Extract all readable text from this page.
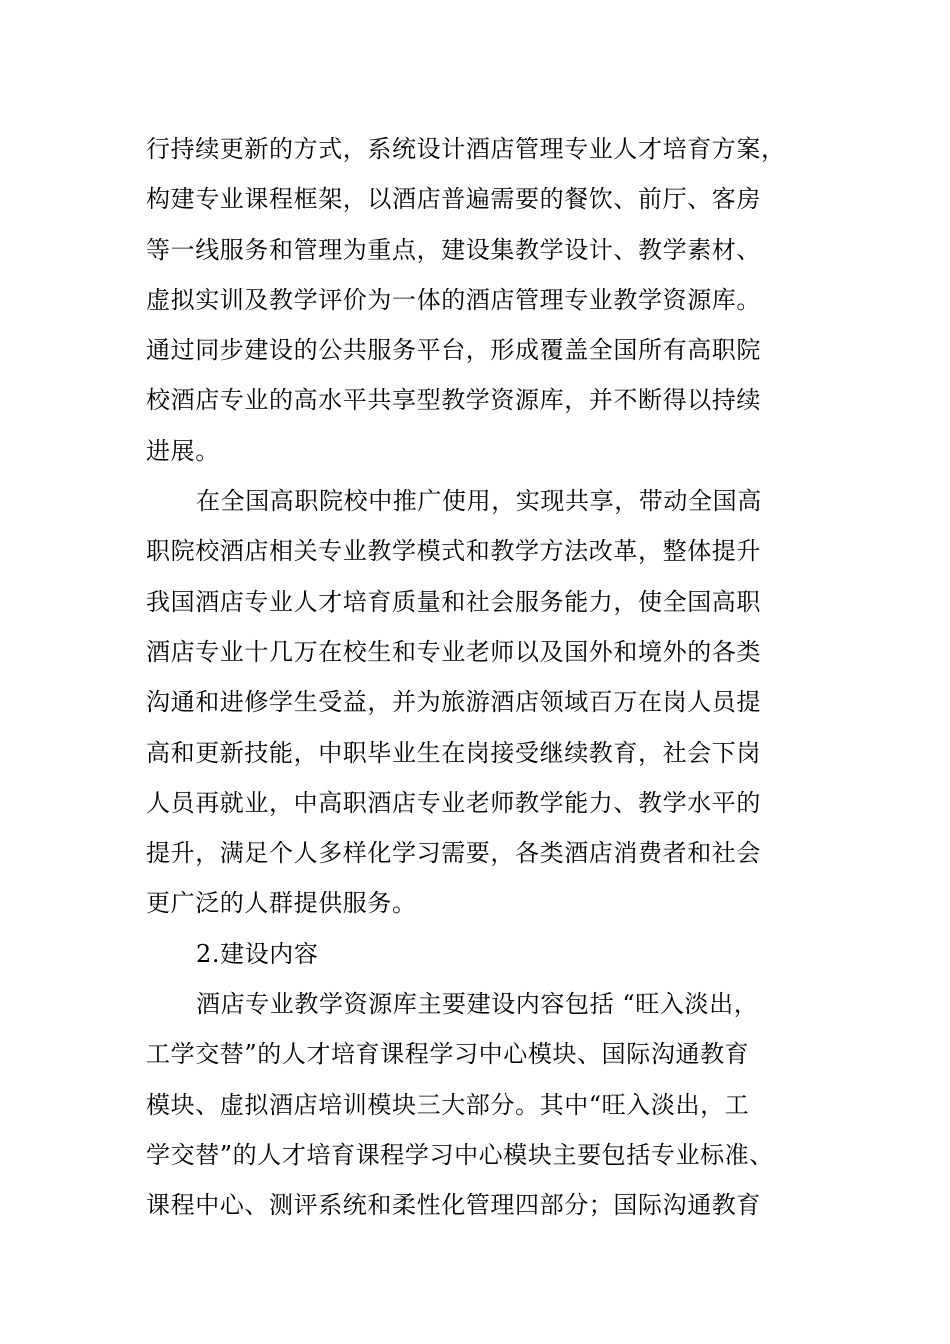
行持续更新的方式，系统设计酒店管理专业人才培育方案，
构建专业课程框架，以酒店普遍需要的餐饮、前厅、客房
等一线服务和管理为重点，建设集教学设计、教学素材、
虚拟实训及教学评价为一体的酒店管理专业教学资源库。
通过同步建设的公共服务平台，形成覆盖全国所有高职院
校酒店专业的高水平共享型教学资源库，并不断得以持续
进展。
在全国高职院校中推广使用，实现共享，带动全国高
职院校酒店相关专业教学模式和教学方法改革，整体提升
我国酒店专业人才培育质量和社会服务能力，使全国高职
酒店专业十几万在校生和专业老师以及国外和境外的各类
沟通和进修学生受益，并为旅游酒店领域百万在岗人员提
高和更新技能，中职毕业生在岗接受继续教育，社会下岗
人员再就业，中高职酒店专业老师教学能力、教学水平的
提升，满足个人多样化学习需要，各类酒店消费者和社会
更广泛的人群提供服务。
2.建设内容
酒店专业教学资源库主要建设内容包括 “旺入淡出，
工学交替”的人才培育课程学习中心模块、国际沟通教育
模块、虚拟酒店培训模块三大部分。其中“旺入淡出，工
学交替”的人才培育课程学习中心模块主要包括专业标准、
课程中心、测评系统和柔性化管理四部分；国际沟通教育
